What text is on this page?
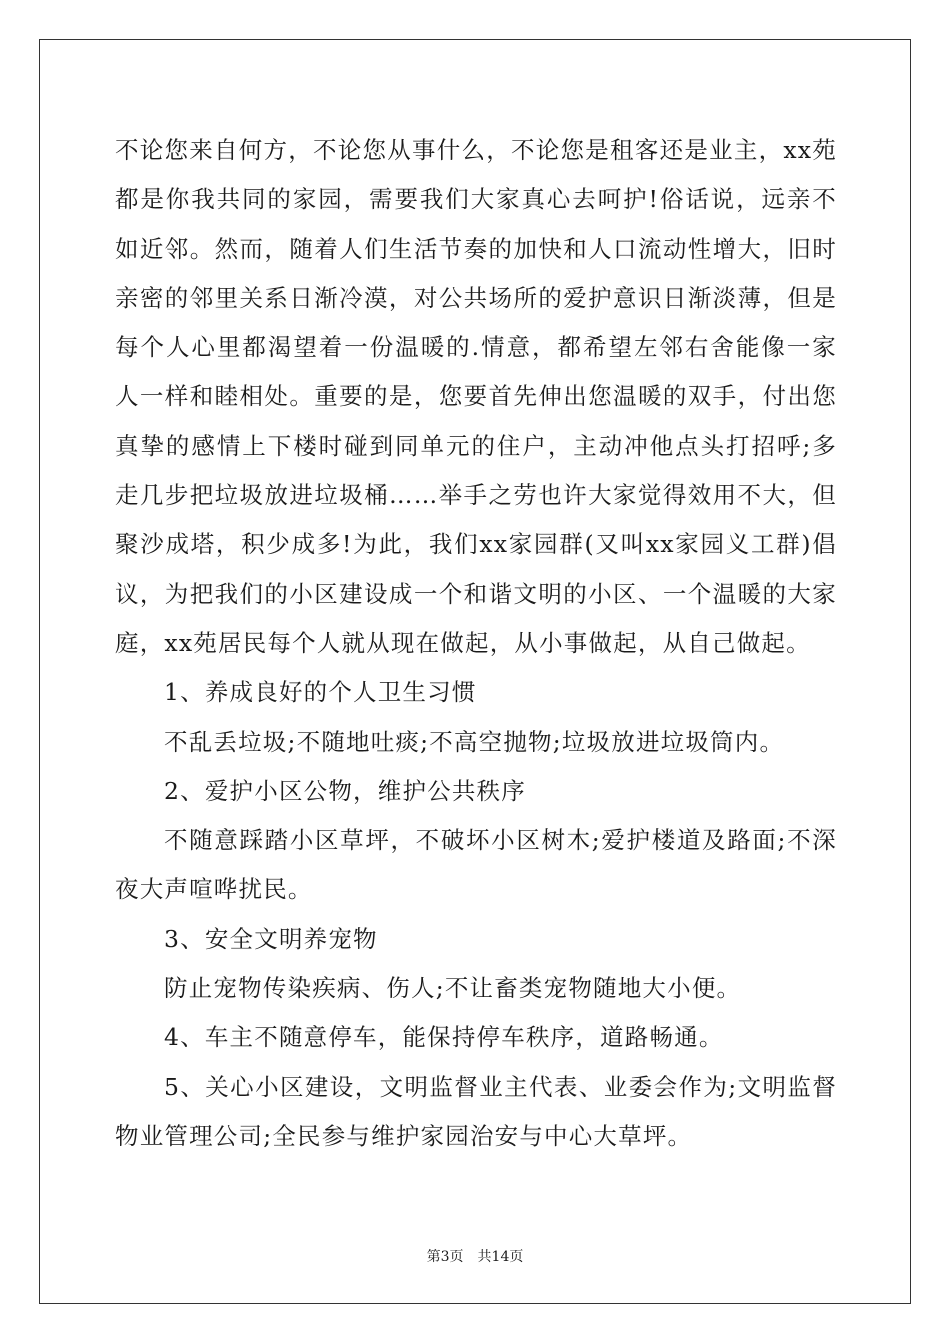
不论您来自何方，不论您从事什么，不论您是租客还是业主，xx苑都是你我共同的家园，需要我们大家真心去呵护!俗话说，远亲不如近邻。然而，随着人们生活节奏的加快和人口流动性增大，旧时亲密的邻里关系日渐冷漠，对公共场所的爱护意识日渐淡薄，但是每个人心里都渴望着一份温暖的.情意，都希望左邻右舍能像一家人一样和睦相处。重要的是，您要首先伸出您温暖的双手，付出您真挚的感情上下楼时碰到同单元的住户，主动冲他点头打招呼;多走几步把垃圾放进垃圾桶……举手之劳也许大家觉得效用不大，但聚沙成塔，积少成多!为此，我们xx家园群(又叫xx家园义工群)倡议，为把我们的小区建设成一个和谐文明的小区、一个温暖的大家庭，xx苑居民每个人就从现在做起，从小事做起，从自己做起。

1、养成良好的个人卫生习惯

不乱丢垃圾;不随地吐痰;不高空抛物;垃圾放进垃圾筒内。

2、爱护小区公物，维护公共秩序

不随意踩踏小区草坪，不破坏小区树木;爱护楼道及路面;不深夜大声喧哗扰民。

3、安全文明养宠物

防止宠物传染疾病、伤人;不让畜类宠物随地大小便。

4、车主不随意停车，能保持停车秩序，道路畅通。

5、关心小区建设，文明监督业主代表、业委会作为;文明监督物业管理公司;全民参与维护家园治安与中心大草坪。

第3页 共14页
